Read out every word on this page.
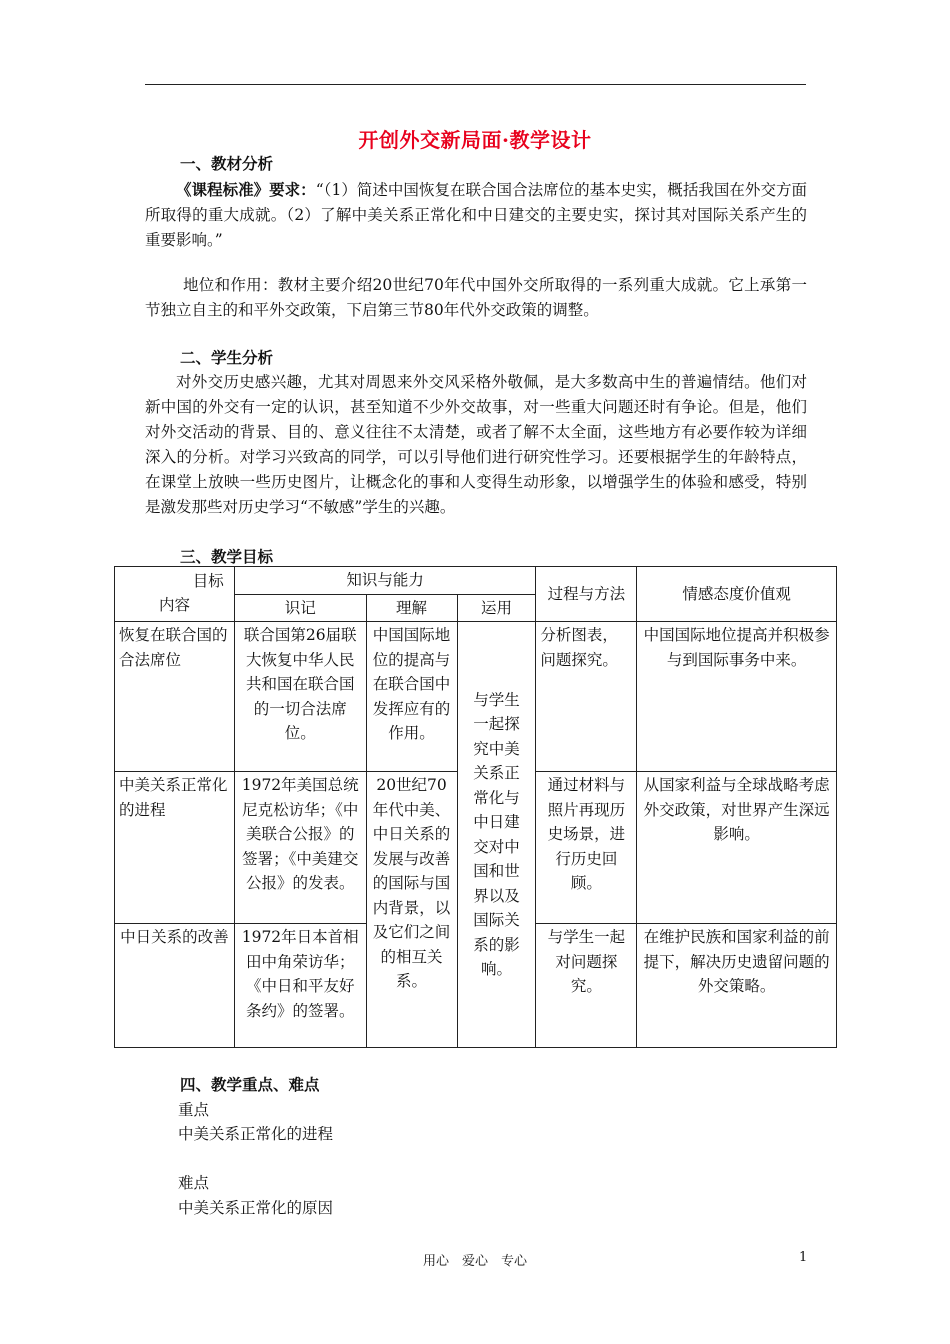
开创外交新局面·教学设计
一、教材分析
《课程标准》要求：“（1）简述中国恢复在联合国合法席位的基本史实，概括我国在外交方面所取得的重大成就。（2）了解中美关系正常化和中日建交的主要史实，探讨其对国际关系产生的重要影响。”
地位和作用：教材主要介绍20世纪70年代中国外交所取得的一系列重大成就。它上承第一节独立自主的和平外交政策，下启第三节80年代外交政策的调整。
二、学生分析
对外交历史感兴趣，尤其对周恩来外交风采格外敬佩，是大多数高中生的普遍情结。他们对新中国的外交有一定的认识，甚至知道不少外交故事，对一些重大问题还时有争论。但是，他们对外交活动的背景、目的、意义往往不太清楚，或者了解不太全面，这些地方有必要作较为详细深入的分析。对学习兴致高的同学，可以引导他们进行研究性学习。还要根据学生的年龄特点，在课堂上放映一些历史图片，让概念化的事和人变得生动形象，以增强学生的体验和感受，特别是激发那些对历史学习“不敏感”学生的兴趣。
三、教学目标
目标
内容	知识与能力			过程与方法	情感态度价值观
	识记	理解	运用		
恢复在联合国的合法席位	联合国第26届联大恢复中华人民共和国在联合国的一切合法席位。	中国国际地位的提高与在联合国中发挥应有的作用。	与学生一起探究中美关系正常化与中日建交对中国和世界以及国际关系的影响。	分析图表，问题探究。	中国国际地位提高并积极参与到国际事务中来。
中美关系正常化的进程	1972年美国总统尼克松访华；《中美联合公报》的签署；《中美建交公报》的发表。	20世纪70年代中美、中日关系的发展与改善的国际与国内背景，以及它们之间的相互关系。		通过材料与照片再现历史场景，进行历史回顾。	从国家利益与全球战略考虑外交政策，对世界产生深远影响。
中日关系的改善	1972年日本首相田中角荣访华；《中日和平友好条约》的签署。			与学生一起对问题探究。	在维护民族和国家利益的前提下，解决历史遗留问题的外交策略。
四、教学重点、难点
重点
中美关系正常化的进程
难点
中美关系正常化的原因
用心　爱心　专心	1
